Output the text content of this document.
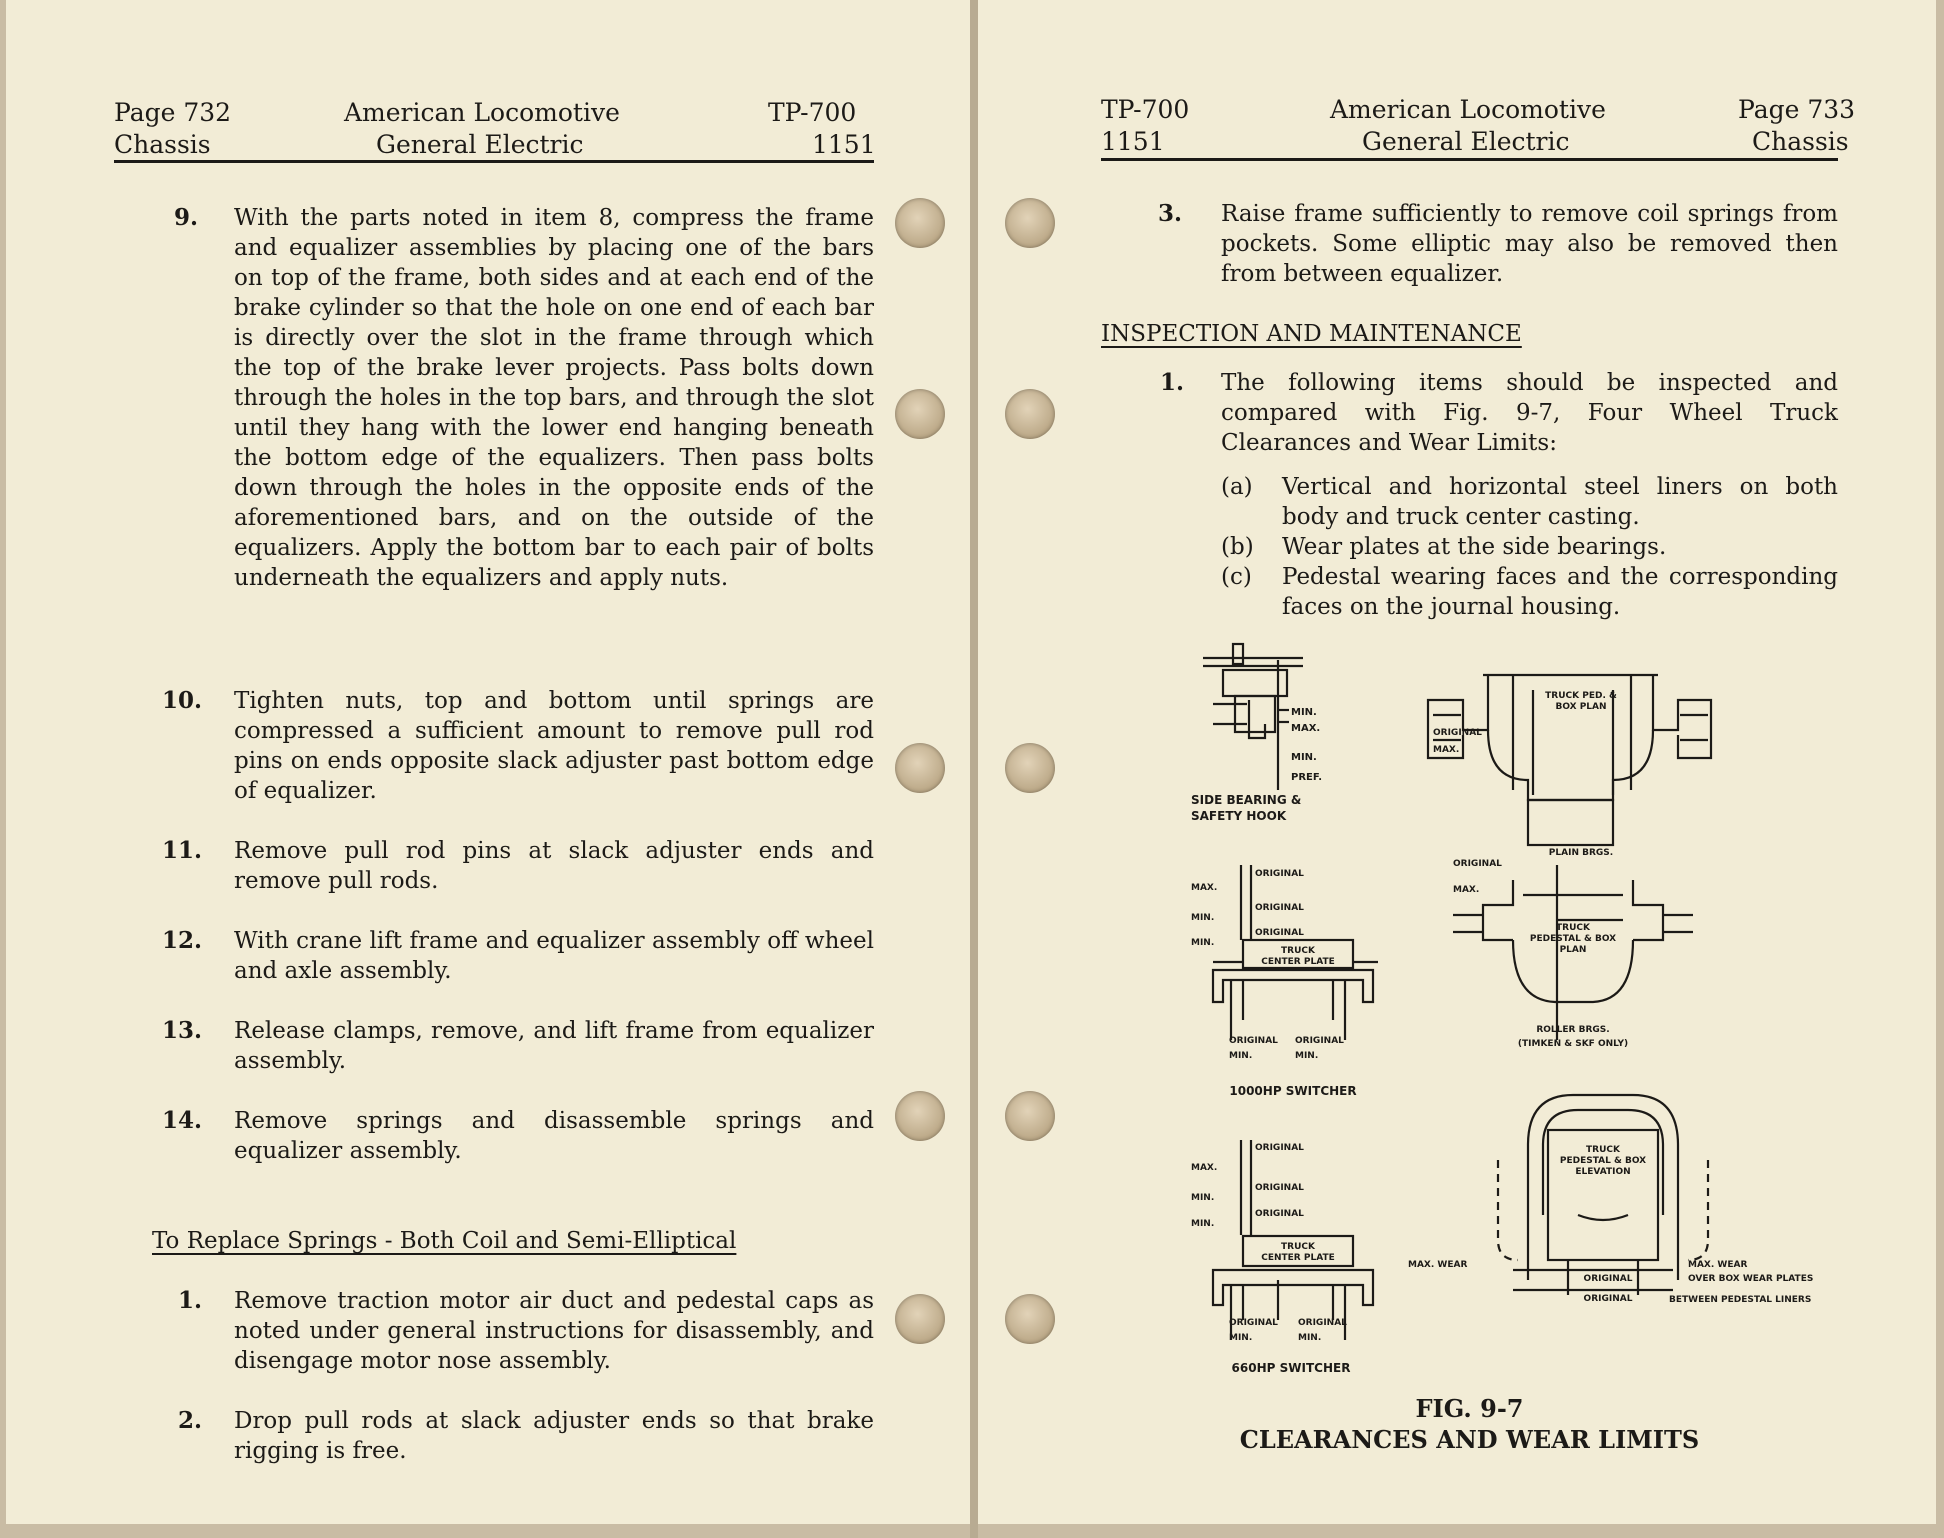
Page 732
Chassis
American Locomotive
General Electric
TP-700
1151
9. With the parts noted in item 8, compress the frame and equalizer assemblies by placing one of the bars on top of the frame, both sides and at each end of the brake cylinder so that the hole on one end of each bar is directly over the slot in the frame through which the top of the brake lever projects. Pass bolts down through the holes in the top bars, and through the slot until they hang with the lower end hanging beneath the bottom edge of the equalizers. Then pass bolts down through the holes in the opposite ends of the aforementioned bars, and on the outside of the equalizers. Apply the bottom bar to each pair of bolts underneath the equalizers and apply nuts.
10. Tighten nuts, top and bottom until springs are compressed a sufficient amount to remove pull rod pins on ends opposite slack adjuster past bottom edge of equalizer.
11. Remove pull rod pins at slack adjuster ends and remove pull rods.
12. With crane lift frame and equalizer assembly off wheel and axle assembly.
13. Release clamps, remove, and lift frame from equalizer assembly.
14. Remove springs and disassemble springs and equalizer assembly.
To Replace Springs - Both Coil and Semi-Elliptical
1. Remove traction motor air duct and pedestal caps as noted under general instructions for disassembly, and disengage motor nose assembly.
2. Drop pull rods at slack adjuster ends so that brake rigging is free.
TP-700
1151
American Locomotive
General Electric
Page 733
Chassis
3. Raise frame sufficiently to remove coil springs from pockets. Some elliptic may also be removed then from between equalizer.
INSPECTION AND MAINTENANCE
1. The following items should be inspected and compared with Fig. 9-7, Four Wheel Truck Clearances and Wear Limits:
(a) Vertical and horizontal steel liners on both body and truck center casting.
(b) Wear plates at the side bearings.
(c) Pedestal wearing faces and the corresponding faces on the journal housing.
MIN.
MAX.
MIN.
PREF.
SIDE BEARING &
SAFETY HOOK
TRUCK PED. &
BOX PLAN
ORIGINAL
MAX.
PLAIN BRGS.
ORIGINAL
MAX.
ORIGINAL
MIN.
ORIGINAL
MIN.
TRUCK
CENTER PLATE
ORIGINAL
MIN.
ORIGINAL
MIN.
1000HP SWITCHER
ORIGINAL
MAX.
TRUCK
PEDESTAL & BOX
PLAN
ROLLER BRGS.
(TIMKEN & SKF ONLY)
ORIGINAL
MAX.
ORIGINAL
MIN.
ORIGINAL
MIN.
TRUCK
CENTER PLATE
ORIGINAL
MIN.
ORIGINAL
MIN.
660HP SWITCHER
TRUCK
PEDESTAL & BOX
ELEVATION
MAX. WEAR
ORIGINAL
ORIGINAL
MAX. WEAR
OVER BOX WEAR PLATES
BETWEEN PEDESTAL LINERS
FIG. 9-7
CLEARANCES AND WEAR LIMITS
